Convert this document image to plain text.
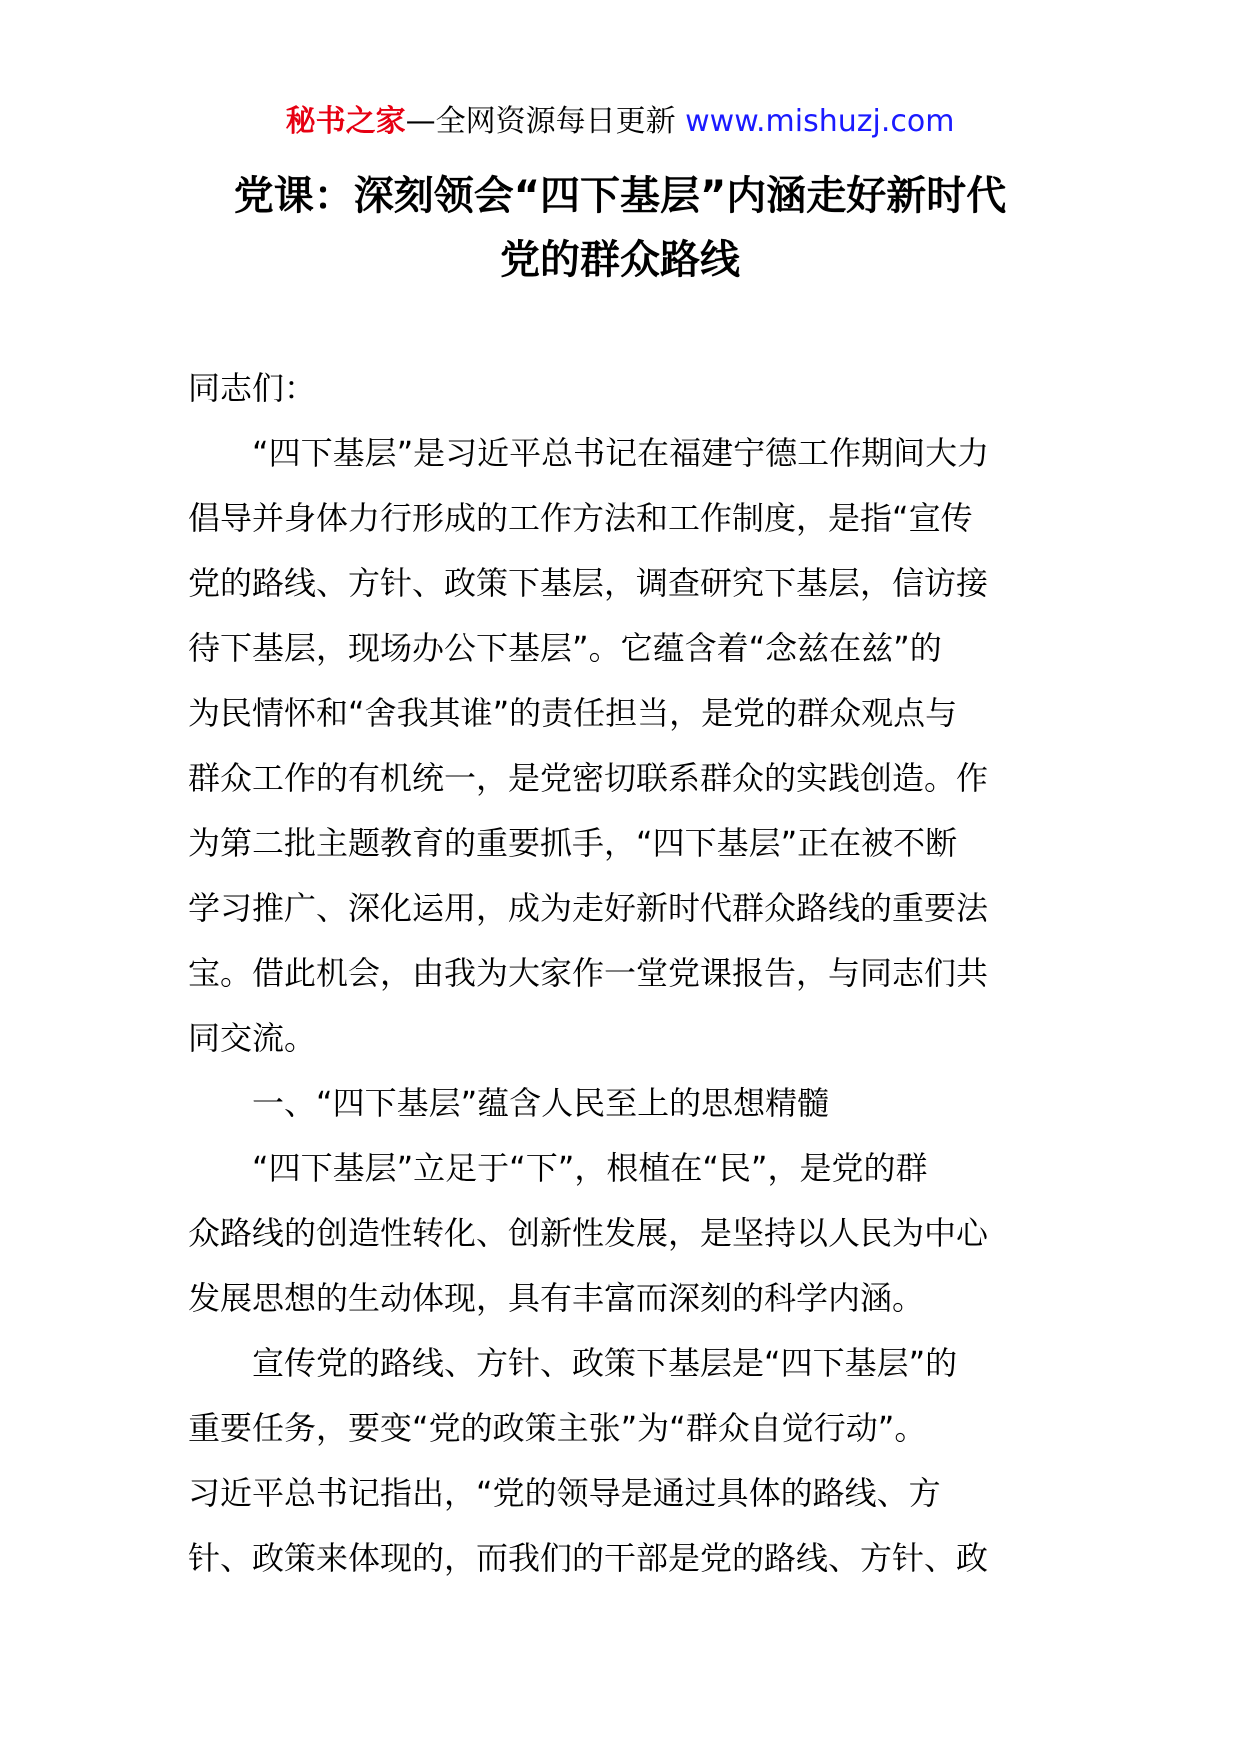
秘书之家—全网资源每日更新 www.mishuzj.com
党课：深刻领会“四下基层”内涵走好新时代
党的群众路线
同志们：
“四下基层”是习近平总书记在福建宁德工作期间大力
倡导并身体力行形成的工作方法和工作制度，是指“宣传
党的路线、方针、政策下基层，调查研究下基层，信访接
待下基层，现场办公下基层”。它蕴含着“念兹在兹”的
为民情怀和“舍我其谁”的责任担当，是党的群众观点与
群众工作的有机统一，是党密切联系群众的实践创造。作
为第二批主题教育的重要抓手，“四下基层”正在被不断
学习推广、深化运用，成为走好新时代群众路线的重要法
宝。借此机会，由我为大家作一堂党课报告，与同志们共
同交流。
一、“四下基层”蕴含人民至上的思想精髓
“四下基层”立足于“下”，根植在“民”，是党的群
众路线的创造性转化、创新性发展，是坚持以人民为中心
发展思想的生动体现，具有丰富而深刻的科学内涵。
宣传党的路线、方针、政策下基层是“四下基层”的
重要任务，要变“党的政策主张”为“群众自觉行动”。
习近平总书记指出，“党的领导是通过具体的路线、方
针、政策来体现的，而我们的干部是党的路线、方针、政
